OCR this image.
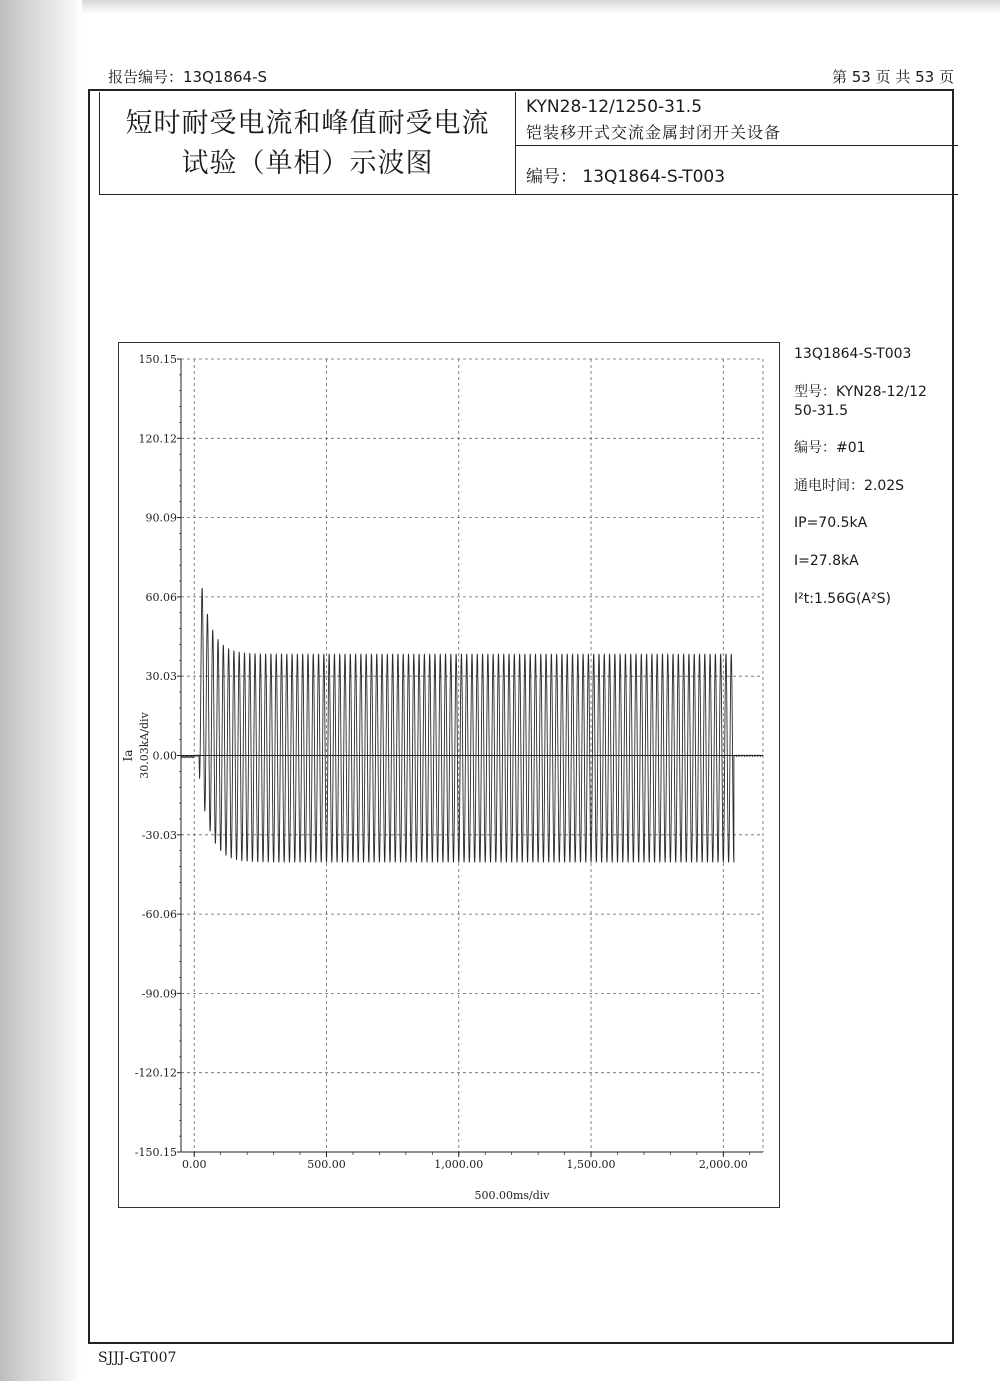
报告编号：13Q1864-S	第 53 页 共 53 页
短时耐受电流和峰值耐受电流
试验（单相）示波图
KYN28-12/1250-31.5
铠装移开式交流金属封闭开关设备
编号： 13Q1864-S-T003
150.15
120.12
90.09
60.06
30.03
0.00
-30.03
-60.06
-90.09
-120.12
-150.15
0.00	500.00	1,000.00	1,500.00	2,000.00
500.00ms/div
Ia 30.03kA/div
13Q1864-S-T003
型号：KYN28-12/12
50-31.5
编号：#01
通电时间：2.02S
IP=70.5kA
I=27.8kA
I²t:1.56G(A²S)
SJJJ-GT007
